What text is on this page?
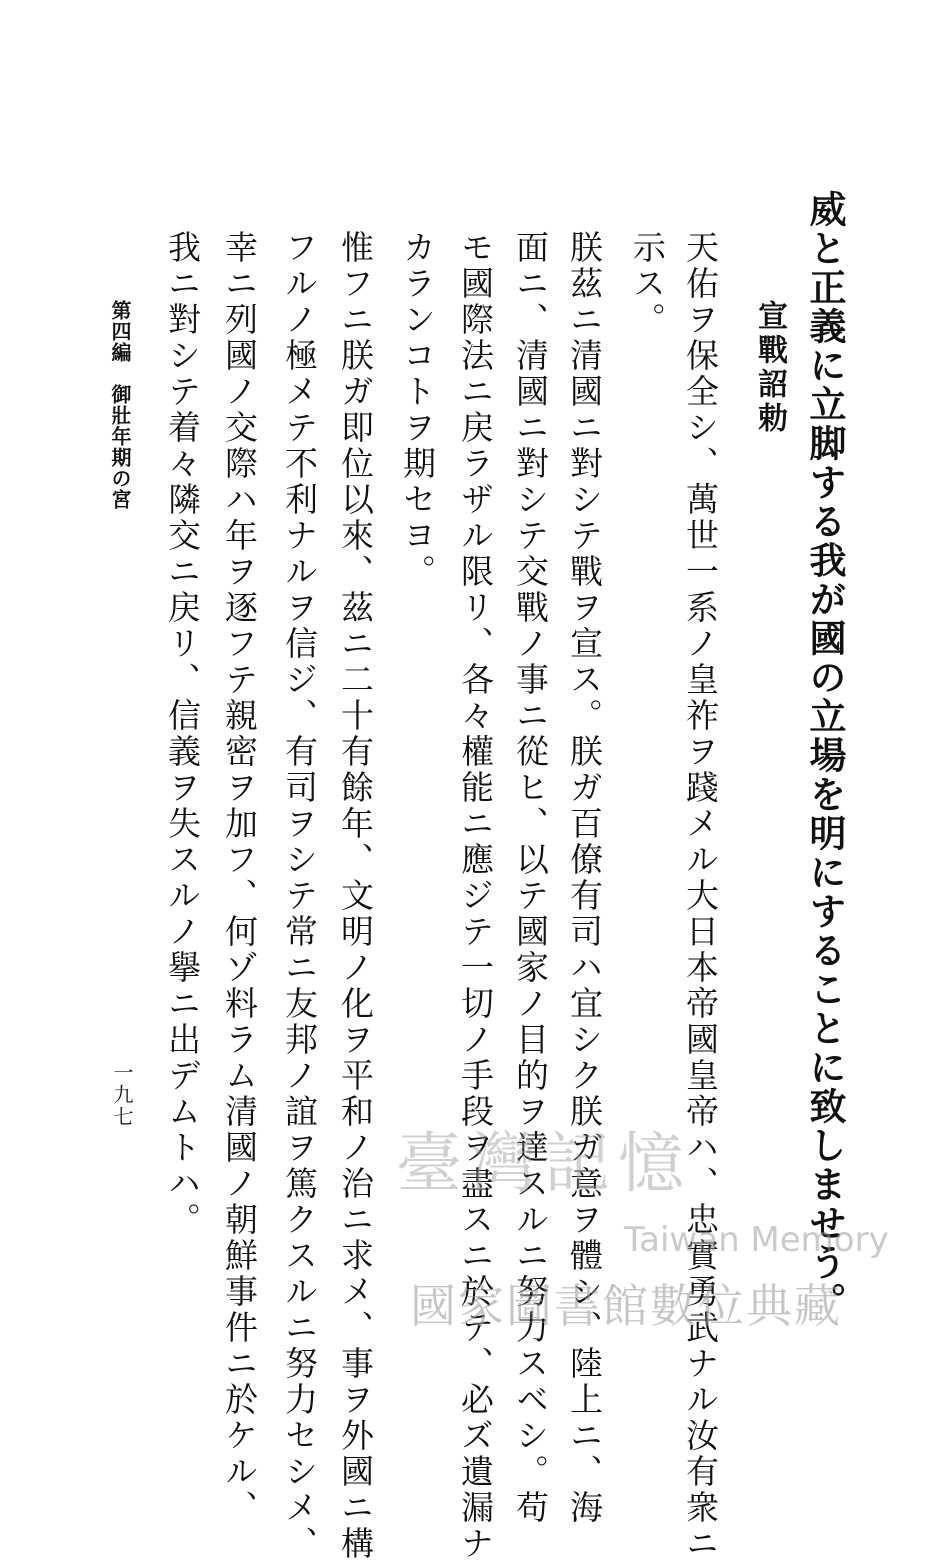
威と正義に立脚する我が國の立場を明にすることに致しませう。
宣戰詔勅
天佑ヲ保全シ、萬世一系ノ皇祚ヲ踐メル大日本帝國皇帝ハ、忠實勇武ナル汝有衆ニ
示ス。
朕茲ニ清國ニ對シテ戰ヲ宣ス。朕ガ百僚有司ハ宜シク朕ガ意ヲ體シ、陸上ニ、海
面ニ、清國ニ對シテ交戰ノ事ニ從ヒ、以テ國家ノ目的ヲ達スルニ努力スベシ。苟
モ國際法ニ戻ラザル限リ、各々權能ニ應ジテ一切ノ手段ヲ盡スニ於テ、必ズ遺漏ナ
カランコトヲ期セヨ。
惟フニ朕ガ即位以來、茲ニ二十有餘年、文明ノ化ヲ平和ノ治ニ求メ、事ヲ外國ニ構
フルノ極メテ不利ナルヲ信ジ、有司ヲシテ常ニ友邦ノ誼ヲ篤クスルニ努力セシメ、
幸ニ列國ノ交際ハ年ヲ逐フテ親密ヲ加フ、何ゾ料ラム清國ノ朝鮮事件ニ於ケル、
我ニ對シテ着々隣交ニ戻リ、信義ヲ失スルノ擧ニ出デムトハ。
第四編　御壯年期の宮
一九七
臺灣記憶
Taiwan Memory
國家圖書館數位典藏
